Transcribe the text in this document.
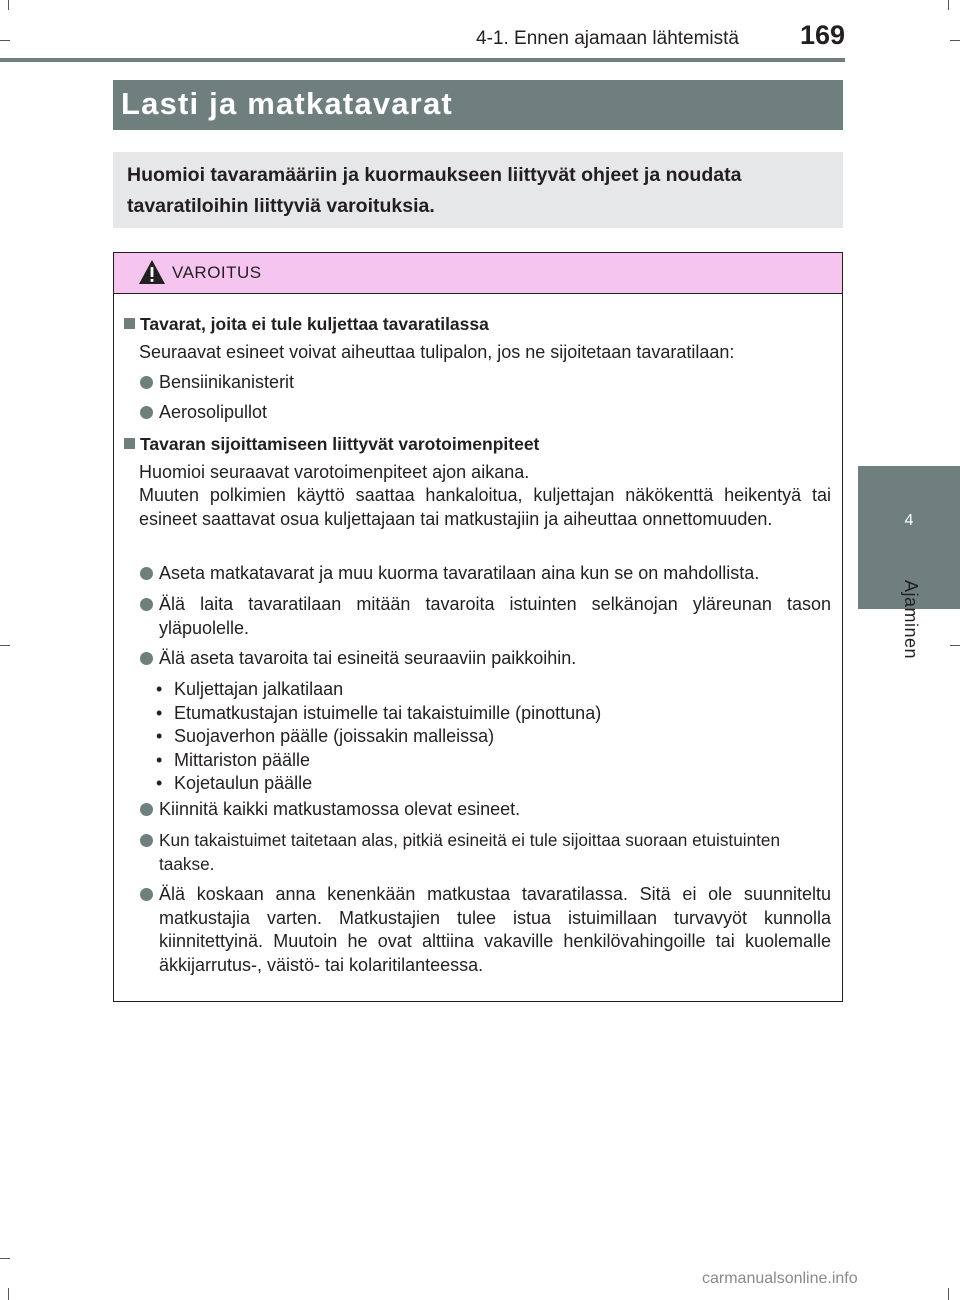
4-1. Ennen ajamaan lähtemistä 169
4
Ajaminen
Lasti ja matkatavarat
Huomioi tavaramääriin ja kuormaukseen liittyvät ohjeet ja noudata tavaratiloihin liittyviä varoituksia.
VAROITUS
Tavarat, joita ei tule kuljettaa tavaratilassa
Seuraavat esineet voivat aiheuttaa tulipalon, jos ne sijoitetaan tavaratilaan:
Bensiinikanisterit
Aerosolipullot
Tavaran sijoittamiseen liittyvät varotoimenpiteet
Huomioi seuraavat varotoimenpiteet ajon aikana.
Muuten polkimien käyttö saattaa hankaloitua, kuljettajan näkökenttä heikentyä tai esineet saattavat osua kuljettajaan tai matkustajiin ja aiheuttaa onnettomuuden.
Aseta matkatavarat ja muu kuorma tavaratilaan aina kun se on mahdollista.
Älä laita tavaratilaan mitään tavaroita istuinten selkänojan yläreunan tason yläpuolelle.
Älä aseta tavaroita tai esineitä seuraaviin paikkoihin.
• Kuljettajan jalkatilaan
• Etumatkustajan istuimelle tai takaistuimille (pinottuna)
• Suojaverhon päälle (joissakin malleissa)
• Mittariston päälle
• Kojetaulun päälle
Kiinnitä kaikki matkustamossa olevat esineet.
Kun takaistuimet taitetaan alas, pitkiä esineitä ei tule sijoittaa suoraan etuistuinten taakse.
Älä koskaan anna kenenkään matkustaa tavaratilassa. Sitä ei ole suunniteltu matkustajia varten. Matkustajien tulee istua istuimillaan turvavyöt kunnolla kiinnitettyinä. Muutoin he ovat alttiina vakaville henkilövahingoille tai kuolemalle äkkijarrutus-, väistö- tai kolaritilanteessa.
carmanualsonline.info
